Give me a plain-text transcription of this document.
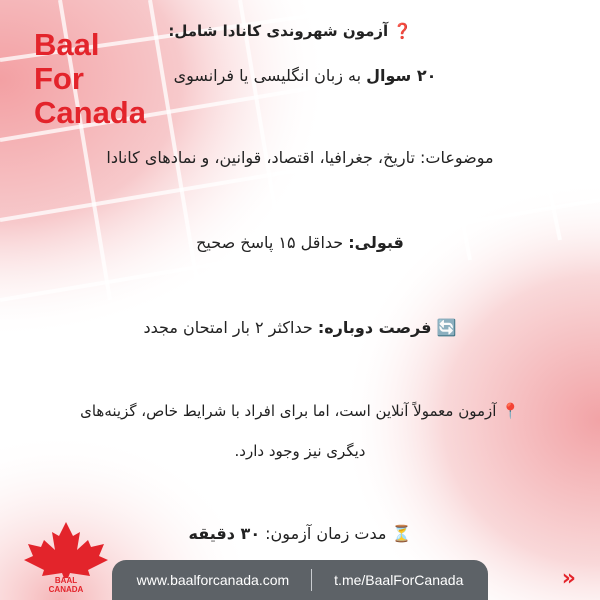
Baal
For
Canada
❓ آزمون شهروندی کانادا شامل:
۲۰ سوال به زبان انگلیسی یا فرانسوی
موضوعات: تاریخ، جغرافیا، اقتصاد، قوانین، و نمادهای کانادا
قبولی: حداقل ۱۵ پاسخ صحیح
🔄 فرصت دوباره: حداکثر ۲ بار امتحان مجدد
📍 آزمون معمولاً آنلاین است، اما برای افراد با شرایط خاص، گزینه‌های
دیگری نیز وجود دارد.
⏳ مدت زمان آزمون: ۳۰ دقیقه
BAAL
CANADA
www.baalforcanada.com	t.me/BaalForCanada	»
